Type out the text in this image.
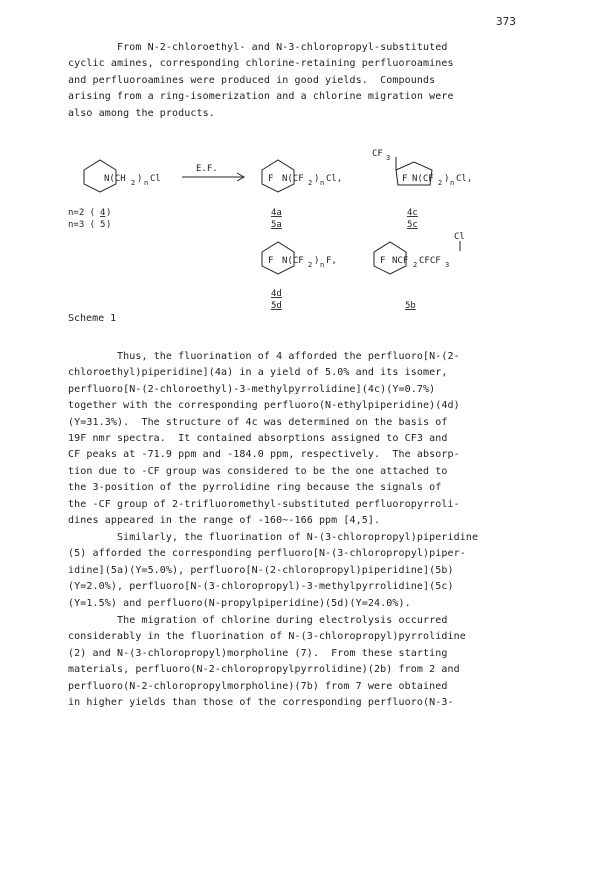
373

From N-2-chloroethyl- and N-3-chloropropyl-substituted
cyclic amines, corresponding chlorine-retaining perfluoroamines
and perfluoroamines were produced in good yields.  Compounds
arising from a ring-isomerization and a chlorine migration were
also among the products.

N(CH 2 ) n Cl
E.F.
F N(CF 2 ) n Cl,
CF 3
F N(CF 2 ) n Cl,
n=2 ( 4 )
n=3 ( 5 )
4a
5a
4c
5c
F N(CF 2 ) n F,
4d
5d
Cl
F NCF 2 CFCF 3
5b
Scheme 1

Thus, the fluorination of 4 afforded the perfluoro[N-(2-
chloroethyl)piperidine](4a) in a yield of 5.0% and its isomer,
perfluoro[N-(2-chloroethyl)-3-methylpyrrolidine](4c)(Y=0.7%)
together with the corresponding perfluoro(N-ethylpiperidine)(4d)
(Y=31.3%).  The structure of 4c was determined on the basis of
19F nmr spectra.  It contained absorptions assigned to CF3 and
CF peaks at -71.9 ppm and -184.0 ppm, respectively.  The absorp-
tion due to -CF group was considered to be the one attached to
the 3-position of the pyrrolidine ring because the signals of
the -CF group of 2-trifluoromethyl-substituted perfluoropyrroli-
dines appeared in the range of -160~-166 ppm [4,5].

Similarly, the fluorination of N-(3-chloropropyl)piperidine
(5) afforded the corresponding perfluoro[N-(3-chloropropyl)piper-
idine](5a)(Y=5.0%), perfluoro[N-(2-chloropropyl)piperidine](5b)
(Y=2.0%), perfluoro[N-(3-chloropropyl)-3-methylpyrrolidine](5c)
(Y=1.5%) and perfluoro(N-propylpiperidine)(5d)(Y=24.0%).

The migration of chlorine during electrolysis occurred
considerably in the fluorination of N-(3-chloropropyl)pyrrolidine
(2) and N-(3-chloropropyl)morpholine (7).  From these starting
materials, perfluoro(N-2-chloropropylpyrrolidine)(2b) from 2 and
perfluoro(N-2-chloropropylmorpholine)(7b) from 7 were obtained
in higher yields than those of the corresponding perfluoro(N-3-
